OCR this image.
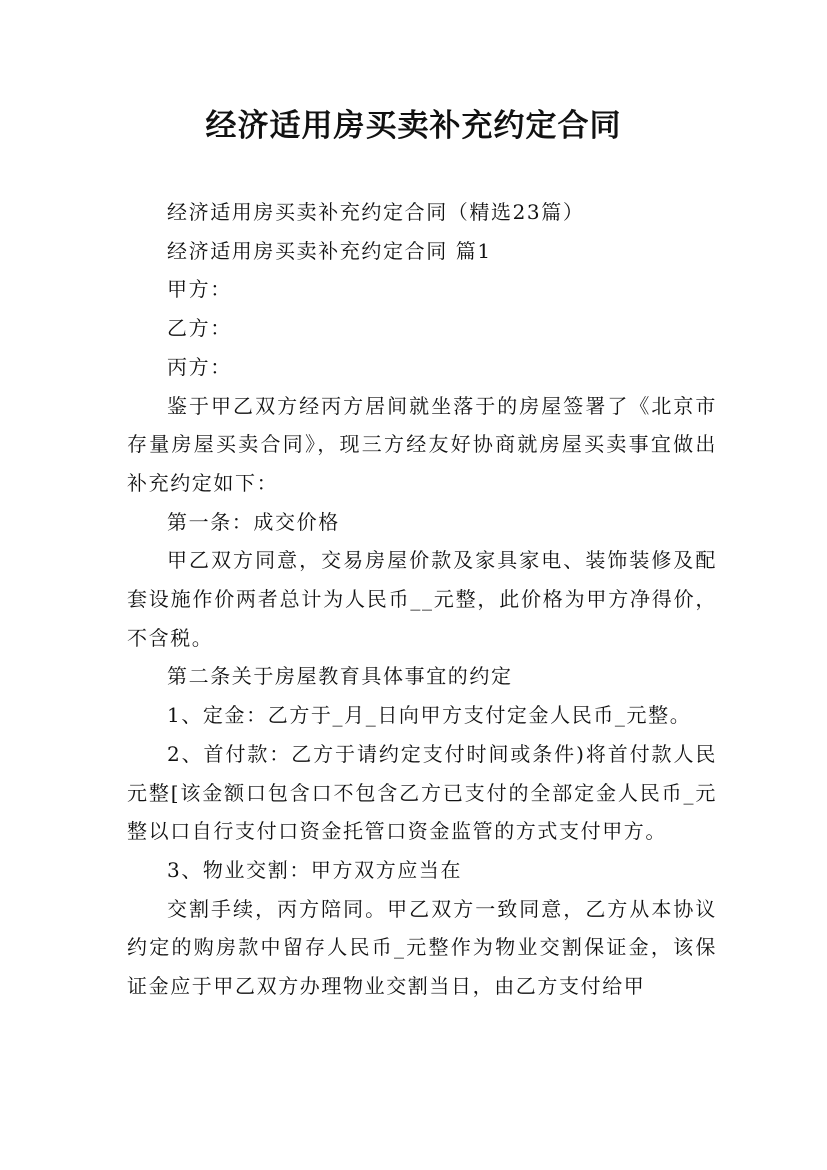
经济适用房买卖补充约定合同

经济适用房买卖补充约定合同（精选23篇）

经济适用房买卖补充约定合同 篇1

甲方：

乙方：

丙方：

鉴于甲乙双方经丙方居间就坐落于的房屋签署了《北京市存量房屋买卖合同》，现三方经友好协商就房屋买卖事宜做出补充约定如下：

第一条：成交价格

甲乙双方同意，交易房屋价款及家具家电、装饰装修及配套设施作价两者总计为人民币__元整，此价格为甲方净得价，不含税。

第二条关于房屋教育具体事宜的约定

1、定金：乙方于_月_日向甲方支付定金人民币_元整。

2、首付款：乙方于请约定支付时间或条件)将首付款人民元整[该金额口包含口不包含乙方已支付的全部定金人民币_元整以口自行支付口资金托管口资金监管的方式支付甲方。

3、物业交割：甲方双方应当在

交割手续，丙方陪同。甲乙双方一致同意，乙方从本协议约定的购房款中留存人民币_元整作为物业交割保证金，该保证金应于甲乙双方办理物业交割当日，由乙方支付给甲
